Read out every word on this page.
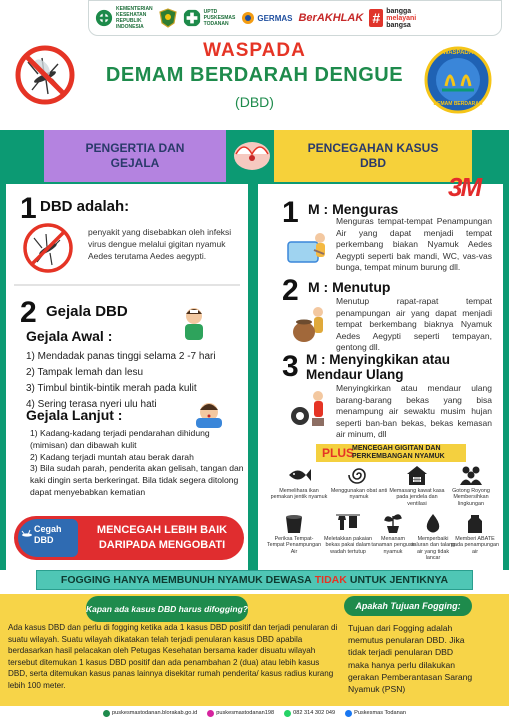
KEMENTERIAN
KESEHATAN
REPUBLIK
INDONESIA
UPTD
PUSKESMAS
TODANAN
GERMAS BerAKHLAK # bangga
melayani
bangsa
WASPADA
DEMAM BERDARAH DENGUE
(DBD)
WASPADA
DEMAM BERDARAH
PENGERTIA DAN
GEJALA
PENCEGAHAN KASUS
DBD
1 DBD adalah:
penyakit yang disebabkan oleh infeksi virus dengue melalui gigitan nyamuk Aedes terutama Aedes aegypti.
2 Gejala DBD
Gejala Awal :
1) Mendadak panas tinggi selama 2 -7 hari
2) Tampak lemah dan lesu
3) Timbul bintik-bintik merah pada kulit
4) Sering terasa nyeri ulu hati
Gejala Lanjut :
1) Kadang-kadang terjadi pendarahan dihidung (mimisan) dan dibawah kulit
2) Kadang terjadi muntah atau berak darah
3) Bila sudah parah, penderita akan gelisah, tangan dan kaki dingin serta berkeringat. Bila tidak segera ditolong dapat menyebabkan kematian
Cegah
DBD
MENCEGAH LEBIH BAIK
DARIPADA MENGOBATI
3M
1 M : Menguras
Menguras tempat-tempat Penampungan Air yang dapat menjadi tempat perkembang biakan Nyamuk Aedes Aegypti seperti bak mandi, WC, vas-vas bunga, tempat minum burung dll.
2 M : Menutup
Menutup rapat-rapat tempat penampungan air yang dapat menjadi tempat berkembang biaknya Nyamuk Aedes Aegypti seperti tempayan, gentong dll.
3 M : Menyingkikan atau
Mendaur Ulang
Menyingkirkan atau mendaur ulang barang-barang bekas yang bisa menampung air sewaktu musim hujan seperti ban-ban bekas, bekas kemasan air minum, dll
PLUS
MENCEGAH GIGITAN DAN
PERKEMBANGAN NYAMUK
Memelihara ikan pemakan jentik nyamuk
Menggunakan obat anti nyamuk
Memasang kawat kasa pada jendela dan ventilasi
Gotong Royong Membersihkan lingkungan
Periksa Tempat-Tempat Penampungan Air
Meletakkan pakaian bekas pakai dalam wadah tertutup
Menanam tanaman pengusir nyamuk
Memperbaiki saluran dan talang air yang tidak lancar
Memberi ABATE pada penampungan air
FOGGING HANYA MEMBUNUH NYAMUK DEWASA TIDAK UNTUK JENTIKNYA
Kapan ada kasus DBD harus difogging?	Apakah Tujuan Fogging:
Ada kasus DBD dan perlu di fogging ketika ada 1 kasus DBD positif dan terjadi penularan di suatu wilayah. Suatu wilayah dikatakan telah terjadi penularan kasus DBD apabila berdasarkan hasil pelacakan oleh Petugas Kesehatan bersama kader disuatu wilayah tersebut ditemukan 1 kasus DBD positif dan ada penambahan 2 (dua) atau lebih kasus DBD, serta ditemukan kasus panas lainnya disekitar rumah penderita/ kasus radius kurang lebih 100 meter.
Tujuan dari Fogging adalah memutus penularan DBD. Jika tidak terjadi penularan DBD maka hanya perlu dilakukan gerakan Pemberantasan Sarang Nyamuk (PSN)
puskesmastodanan.blorakab.go.id	puskesmastodanan198	082 314 302 049	Puskesmas Todanan
